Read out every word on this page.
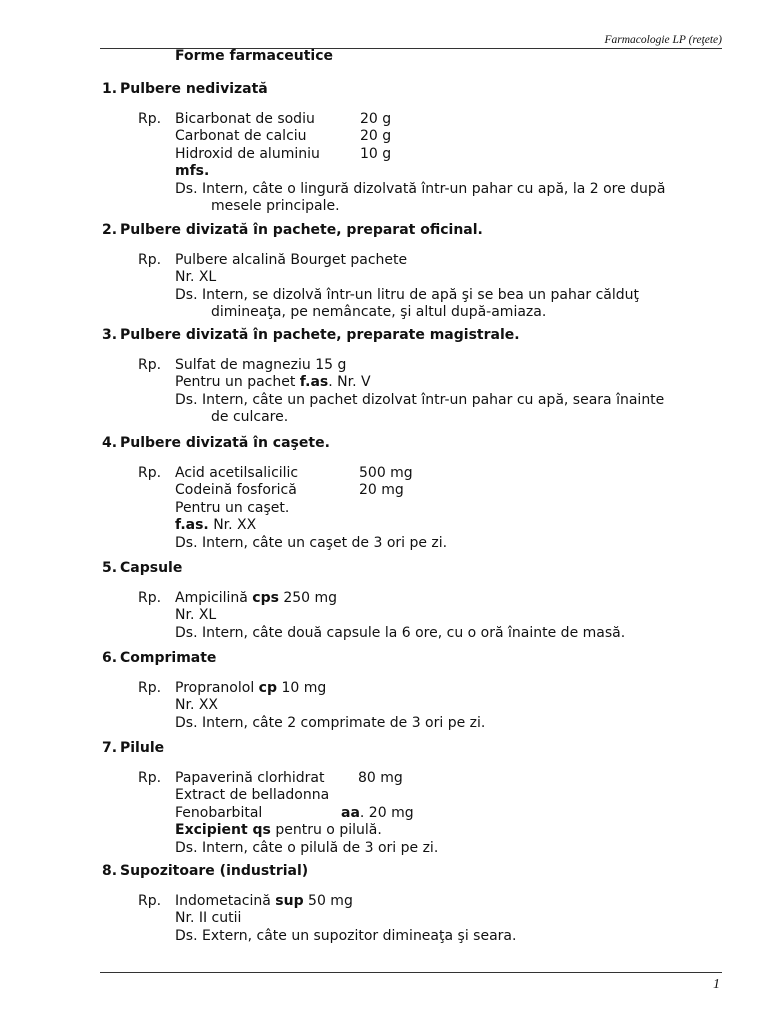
Farmacologie LP (reţete)
Forme farmaceutice
1. Pulbere nedivizată
Rp. Bicarbonat de sodiu	20 g
Carbonat de calciu	20 g
Hidroxid de aluminiu	10 g
mfs.
Ds. Intern, câte o lingură dizolvată într-un pahar cu apă, la 2 ore după
mesele principale.
2. Pulbere divizată în pachete, preparat oficinal.
Rp. Pulbere alcalină Bourget pachete
Nr. XL
Ds. Intern, se dizolvă într-un litru de apă şi se bea un pahar călduţ
dimineaţa, pe nemâncate, şi altul după-amiaza.
3. Pulbere divizată în pachete, preparate magistrale.
Rp. Sulfat de magneziu 15 g
Pentru un pachet f.as. Nr. V
Ds. Intern, câte un pachet dizolvat într-un pahar cu apă, seara înainte
de culcare.
4. Pulbere divizată în caşete.
Rp. Acid acetilsalicilic	500 mg
Codeină fosforică	20 mg
Pentru un caşet.
f.as. Nr. XX
Ds. Intern, câte un caşet de 3 ori pe zi.
5. Capsule
Rp. Ampicilină cps 250 mg
Nr. XL
Ds. Intern, câte două capsule la 6 ore, cu o oră înainte de masă.
6. Comprimate
Rp. Propranolol cp 10 mg
Nr. XX
Ds. Intern, câte 2 comprimate de 3 ori pe zi.
7. Pilule
Rp. Papaverină clorhidrat 80 mg
Extract de belladonna
Fenobarbital	aa. 20 mg
Excipient qs pentru o pilulă.
Ds. Intern, câte o pilulă de 3 ori pe zi.
8. Supozitoare (industrial)
Rp. Indometacină sup 50 mg
Nr. II cutii
Ds. Extern, câte un supozitor dimineaţa şi seara.
1
